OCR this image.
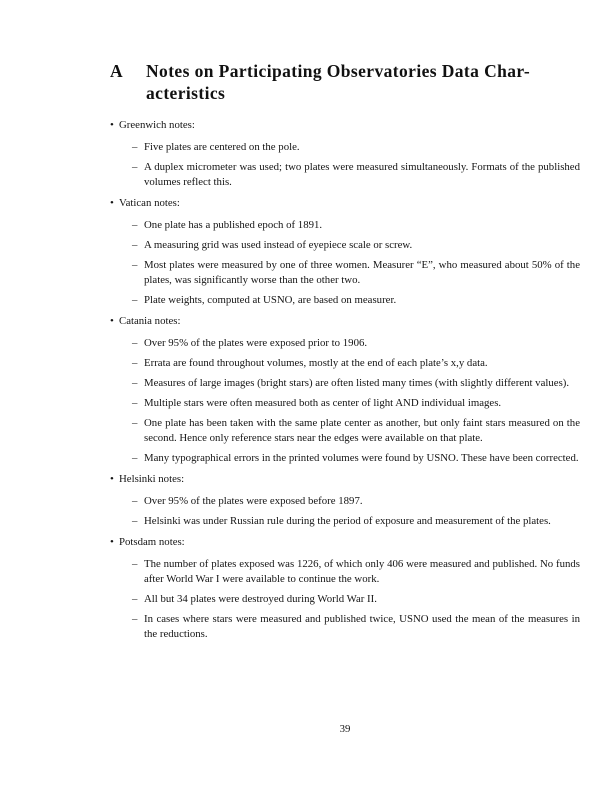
A Notes on Participating Observatories Data Char-
acteristics
• Greenwich notes:
– Five plates are centered on the pole.
– A duplex micrometer was used; two plates were measured simultaneously. Formats of the published volumes reflect this.
• Vatican notes:
– One plate has a published epoch of 1891.
– A measuring grid was used instead of eyepiece scale or screw.
– Most plates were measured by one of three women. Measurer “E”, who measured about 50% of the plates, was significantly worse than the other two.
– Plate weights, computed at USNO, are based on measurer.
• Catania notes:
– Over 95% of the plates were exposed prior to 1906.
– Errata are found throughout volumes, mostly at the end of each plate’s x,y data.
– Measures of large images (bright stars) are often listed many times (with slightly different values).
– Multiple stars were often measured both as center of light AND individual images.
– One plate has been taken with the same plate center as another, but only faint stars measured on the second. Hence only reference stars near the edges were available on that plate.
– Many typographical errors in the printed volumes were found by USNO. These have been corrected.
• Helsinki notes:
– Over 95% of the plates were exposed before 1897.
– Helsinki was under Russian rule during the period of exposure and measurement of the plates.
• Potsdam notes:
– The number of plates exposed was 1226, of which only 406 were measured and published. No funds after World War I were available to continue the work.
– All but 34 plates were destroyed during World War II.
– In cases where stars were measured and published twice, USNO used the mean of the measures in the reductions.
39
